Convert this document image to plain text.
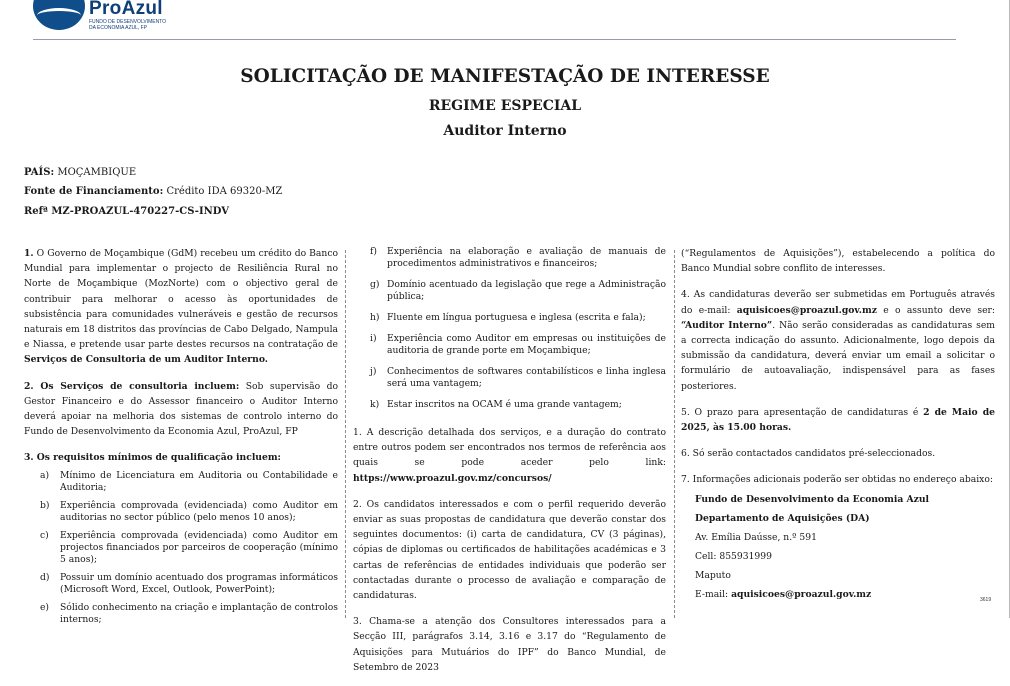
ProAzul
FUNDO DE DESENVOLVIMENTO DA ECONOMIA AZUL, FP
SOLICITAÇÃO DE MANIFESTAÇÃO DE INTERESSE
REGIME ESPECIAL
Auditor Interno
PAÍS: MOÇAMBIQUE
Fonte de Financiamento: Crédito IDA 69320-MZ
Refª MZ-PROAZUL-470227-CS-INDV

1. O Governo de Moçambique (GdM) recebeu um crédito do Banco Mundial para implementar o projecto de Resiliência Rural no Norte de Moçambique (MozNorte) com o objectivo geral de contribuir para melhorar o acesso às oportunidades de subsistência para comunidades vulneráveis e gestão de recursos naturais em 18 distritos das províncias de Cabo Delgado, Nampula e Niassa, e pretende usar parte destes recursos na contratação de Serviços de Consultoria de um Auditor Interno.

2. Os Serviços de consultoria incluem: Sob supervisão do Gestor Financeiro e do Assessor financeiro o Auditor Interno deverá apoiar na melhoria dos sistemas de controlo interno do Fundo de Desenvolvimento da Economia Azul, ProAzul, FP

3. Os requisitos mínimos de qualificação incluem:

a)	Mínimo de Licenciatura em Auditoria ou Contabilidade e Auditoria;
b)	Experiência comprovada (evidenciada) como Auditor em auditorias no sector público (pelo menos 10 anos);
c)	Experiência comprovada (evidenciada) como Auditor em projectos financiados por parceiros de cooperação (mínimo 5 anos);
d)	Possuir um domínio acentuado dos programas informáticos (Microsoft Word, Excel, Outlook, PowerPoint);
e)	Sólido conhecimento na criação e implantação de controlos internos;
f)	Experiência na elaboração e avaliação de manuais de procedimentos administrativos e financeiros;
g) Domínio acentuado da legislação que rege a Administração pública;
h) Fluente em língua portuguesa e inglesa (escrita e fala);
i)	Experiência como Auditor em empresas ou instituições de auditoria de grande porte em Moçambique;
j)	Conhecimentos de softwares contabilísticos e linha inglesa será uma vantagem;
k) Estar inscritos na OCAM é uma grande vantagem;

1. A descrição detalhada dos serviços, e a duração do contrato entre outros podem ser encontrados nos termos de referência aos quais se pode aceder pelo link: https://www.proazul.gov.mz/concursos/

2. Os candidatos interessados e com o perfil requerido deverão enviar as suas propostas de candidatura que deverão constar dos seguintes documentos: (i) carta de candidatura, CV (3 páginas), cópias de diplomas ou certificados de habilitações académicas e 3 cartas de referências de entidades individuais que poderão ser contactadas durante o processo de avaliação e comparação de candidaturas.

3. Chama-se a atenção dos Consultores interessados para a Secção III, parágrafos 3.14, 3.16 e 3.17 do “Regulamento de Aquisições para Mutuários do IPF” do Banco Mundial, de Setembro de 2023

(“Regulamentos de Aquisições”), estabelecendo a política do Banco Mundial sobre conflito de interesses.

4. As candidaturas deverão ser submetidas em Português através do e-mail: aquisicoes@proazul.gov.mz e o assunto deve ser: “Auditor Interno”. Não serão consideradas as candidaturas sem a correcta indicação do assunto. Adicionalmente, logo depois da submissão da candidatura, deverá enviar um email a solicitar o formulário de autoavaliação, indispensável para as fases posteriores.

5. O prazo para apresentação de candidaturas é 2 de Maio de 2025, às 15.00 horas.

6. Só serão contactados candidatos pré-seleccionados.

7. Informações adicionais poderão ser obtidas no endereço abaixo:

Fundo de Desenvolvimento da Economia Azul
Departamento de Aquisições (DA)
Av. Emília Daússe, n.º 591
Cell: 855931999
Maputo
E-mail: aquisicoes@proazul.gov.mz
3619
